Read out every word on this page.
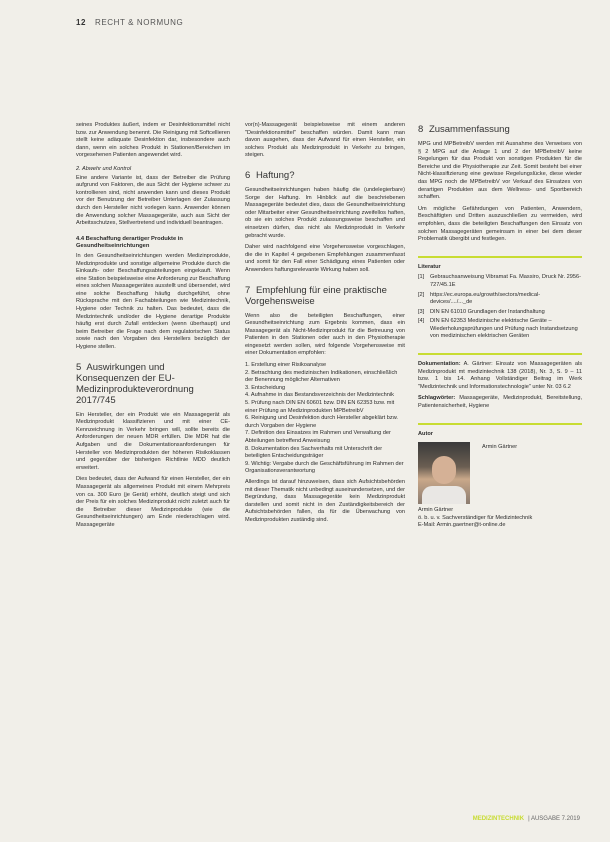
12 RECHT & NORMUNG

seines Produktes äußert, indem er Desinfektionsmittel nicht bzw. zur Anwendung benennt. Die Reinigung mit Softcellieren stellt keine adäquate Desinfektion dar, insbesondere auch dann, wenn ein solches Produkt in Stationen/Bereichen im vorgesehenen Patienten angewendet wird.

2. Abwehr und Kontrol

Eine andere Variante ist, dass der Betreiber die Prüfung aufgrund von Faktoren, die aus Sicht der Hygiene schwer zu kontrollieren sind, nicht anwenden kann und dieses Produkt vor der Benutzung der Betreiber Unterlagen der Zulassung durch den Hersteller nicht vorlegen kann. Anwender können die Anwendung solcher Massagegeräte, auch aus Sicht der Arbeitsschutzes, Stellvertretend und individuell beantragen.

4.4 Beschaffung derartiger Produkte in Gesundheitseinrichtungen

In den Gesundheitseinrichtungen werden Medizinprodukte, Medizinprodukte und sonstige allgemeine Produkte durch die Einkaufs- oder Beschaffungsabteilungen eingekauft. Wenn eine Station beispielsweise eine Anforderung zur Beschaffung eines solchen Massagegerätes ausstellt und übersendet, wird eine solche Beschaffung häufig durchgeführt, ohne Rücksprache mit den Fachabteilungen wie Medizintechnik, Hygiene oder Technik zu halten. Das bedeutet, dass die Medizintechnik und/oder die Hygiene derartige Produkte häufig erst durch Zufall entdecken (wenn überhaupt) und beim Betreiber die Frage nach dem regulatorischen Status sowie nach den Vorgaben des Herstellers bezüglich der Hygiene stellen.

5 Auswirkungen und Konsequenzen der EU-Medizinprodukteverordnung 2017/745

Ein Hersteller, der ein Produkt wie ein Massagegerät als Medizinprodukt klassifizieren und mit einer CE-Kennzeichnung in Verkehr bringen will, sollte bereits die Anforderungen der neuen MDR erfüllen. Die MDR hat die Aufgaben und die Dokumentationsanforderungen für Hersteller von Medizinprodukten der höheren Risikoklassen und gegenüber der bisherigen Richtlinie MDD deutlich erweitert.

Dies bedeutet, dass der Aufwand für einen Hersteller, der ein Massagegerät als allgemeines Produkt mit einem Mehrpreis von ca. 300 Euro (je Gerät) erhöht, deutlich steigt und sich der Preis für ein solches Medizinprodukt nicht zuletzt auch für die Betreiber dieser Medizinprodukte (wie die Gesundheitseinrichtungen) am Ende niederschlagen wird. Massagegeräte

vor(n)-Massagegerät beispielsweise mit einem anderen "Desinfektionsmittel" beschaffen würden. Damit kann man davon ausgehen, dass der Aufwand für einen Hersteller, ein solches Produkt als Medizinprodukt in Verkehr zu bringen, steigen.

6 Haftung?

Gesundheitseinrichtungen haben häufig die (undelegierbare) Sorge der Haftung. Im Hinblick auf die beschriebenen Massagegeräte bedeutet dies, dass die Gesundheitseinrichtung oder Mitarbeiter einer Gesundheitseinrichtung zweifellos haften, ob sie ein solches Produkt zulassungsweise beschaffen und einsetzen dürfen, das nicht als Medizinprodukt in Verkehr gebracht wurde.

Daher wird nachfolgend eine Vorgehensweise vorgeschlagen, die die in Kapitel 4 gegebenen Empfehlungen zusammenfasst und somit für den Fall einer Schädigung eines Patienten oder Anwenders haftungsrelevante Wirkung haben soll.

7 Empfehlung für eine praktische Vorgehensweise

Wenn also die beteiligten Beschaffungen, einer Gesundheitseinrichtung zum Ergebnis kommen, dass ein Massagegerät als Nicht-Medizinprodukt für die Betreuung von Patienten in den Stationen oder auch in den Physiotherapie eingesetzt werden sollen, wird folgende Vorgehensweise mit einer Dokumentation empfohlen:

1. Erstellung einer Risikoanalyse
2. Betrachtung des medizinischen Indikationen, einschließlich der Benennung möglicher Alternativen
3. Entscheidung
4. Aufnahme in das Bestandsverzeichnis der Medizintechnik
5. Prüfung nach DIN EN 60601 bzw. DIN EN 62353 bzw. mit einer Prüfung an Medizinprodukten MPBetreibV
6. Reinigung und Desinfektion durch Hersteller abgeklärt bzw. durch Vorgaben der Hygiene
7. Definition des Einsatzes im Rahmen und Verwaltung der Abteilungen betreffend Anweisung
8. Dokumentation des Sachverhalts mit Unterschrift der beteiligten Entscheidungsträger
9. Wichtig: Vergabe durch die Geschäftsführung im Rahmen der Organisationsverantwortung

Allerdings ist darauf hinzuweisen, dass sich Aufsichtsbehörden mit dieser Thematik nicht unbedingt auseinandersetzen, und der Begründung, dass Massagegeräte kein Medizinprodukt darstellen und somit nicht in den Zuständigkeitsbereich der Aufsichtsbehörden fallen, da für die Überwachung von Medizinprodukten zuständig sind.

8 Zusammenfassung

MPG und MPBetreibV werden mit Ausnahme des Verweises von § 2 MPG auf die Anlage 1 und 2 der MPBetreibV keine Regelungen für das Produkt von sonstigen Produkten für die Bereiche und die Physiotherapie zur Zeit. Somit besteht bei einer Nicht-klassifizierung eine gewisse Regelungslücke, diese wieder das MPG noch die MPBetreibV vor Verkauf des Einsatzes von derartigen Produkten aus dem Wellness- und Sportbereich schaffen.

Um mögliche Gefährdungen von Patienten, Anwendern, Beschäftigten und Dritten auszuschließen zu vermeiden, wird empfohlen, dass die beteiligten Beschaffungen den Einsatz von solchen Massagegeräten gemeinsam in einer bei dem dieser Problematik übergibt und festlegen.

Literatur
[1]	Gebrauchsanweisung Vibramat Fa. Massiro, Druck Nr. 2956-727/45.1E
[2]	https://ec.europa.eu/growth/sectors/medical-devices/..../..._de
[3]	DIN EN 61010 Grundlagen der Instandhaltung
[4]	DIN EN 62353 Medizinische elektrische Geräte – Wiederholungsprüfungen und Prüfung nach Instandsetzung von medizinischen elektrischen Geräten

Dokumentation: A. Gärtner: Einsatz von Massagegeräten als Medizinprodukt mt medizintechnik 138 (2018), Nr. 3, S. 9 – 11 bzw. 1 bis 14. Anhang Vollständiger Beitrag im Werk "Medizintechnik und Informationstechnologie" unter Nr. 03 6.2

Schlagwörter: Massagegeräte, Medizinprodukt, Bereitstellung, Patientensicherheit, Hygiene

Autor
Armin Gärtner
Armin Gärtner
ö. b. u. v. Sachverständiger für Medizintechnik
E-Mail: Armin.gaertner@t-online.de
MEDIZINTECHNIK | AUSGABE 7.2019
